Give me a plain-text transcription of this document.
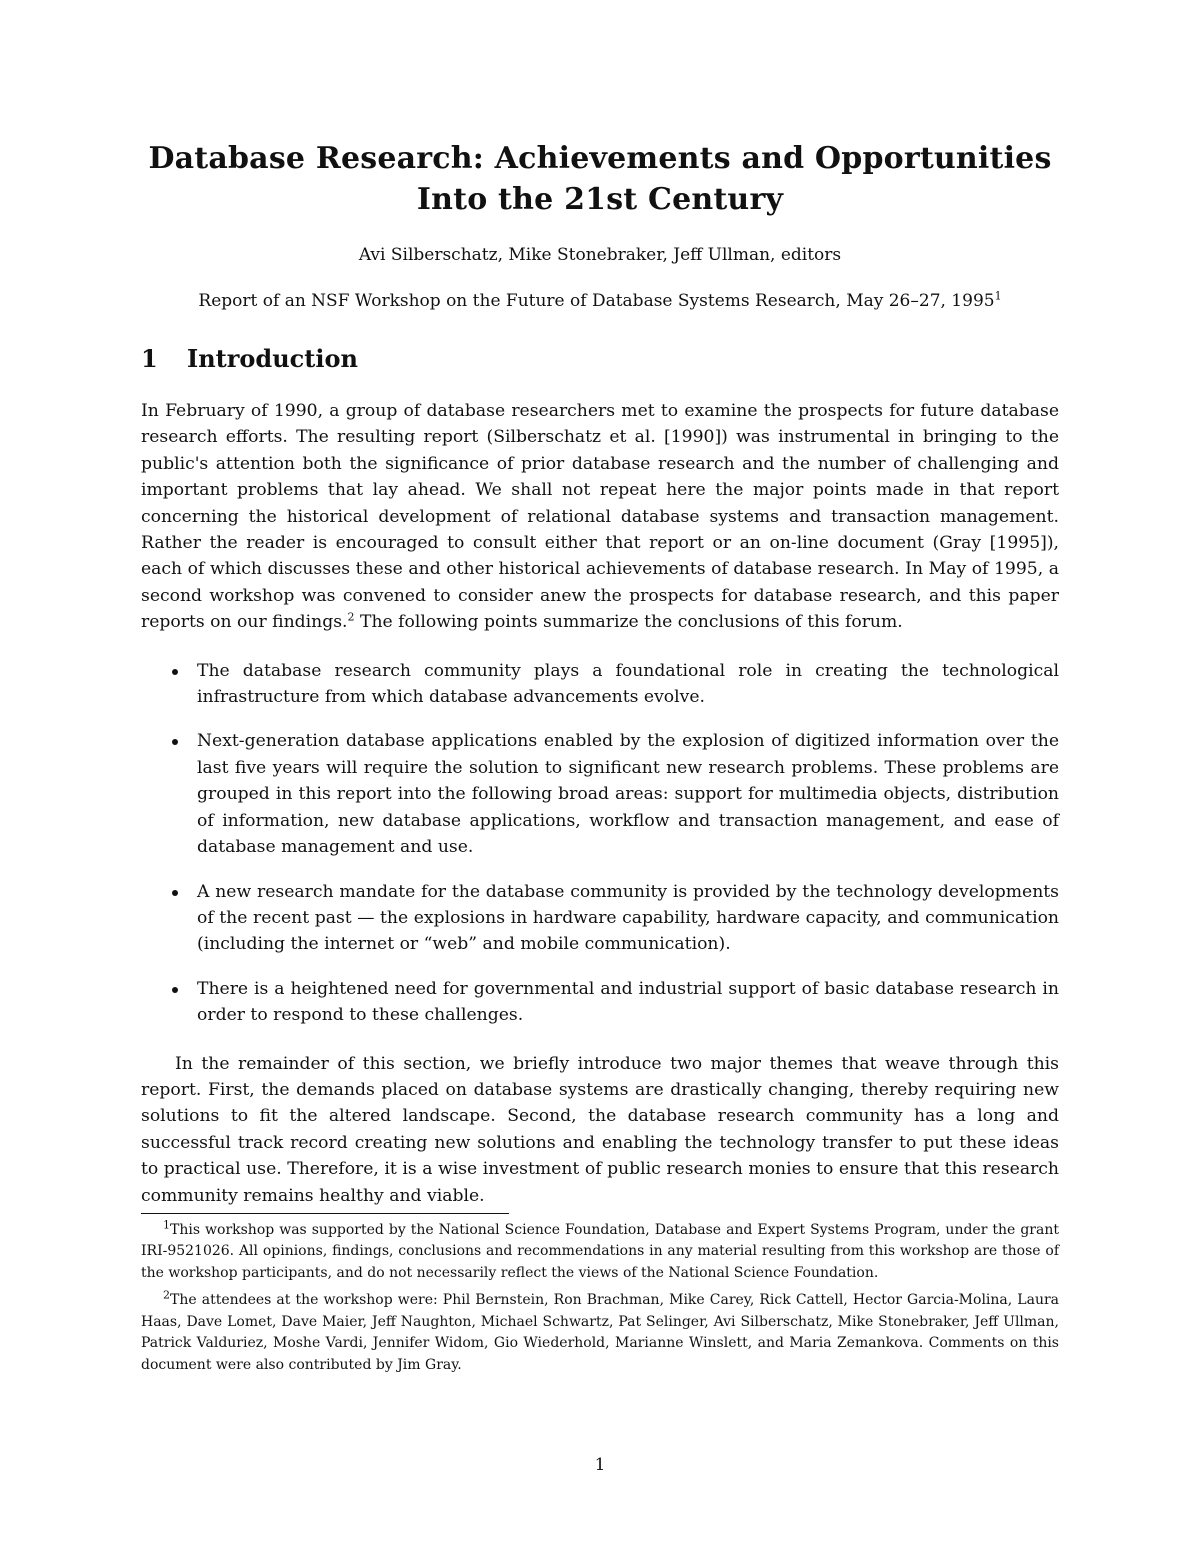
Database Research: Achievements and Opportunities
Into the 21st Century
Avi Silberschatz, Mike Stonebraker, Jeff Ullman, editors
Report of an NSF Workshop on the Future of Database Systems Research, May 26–27, 1995$^1$
1	Introduction

In February of 1990, a group of database researchers met to examine the prospects for future database research efforts. The resulting report (Silberschatz et al. [1990]) was instrumental in bringing to the public's attention both the significance of prior database research and the number of challenging and important problems that lay ahead. We shall not repeat here the major points made in that report concerning the historical development of relational database systems and transaction management. Rather the reader is encouraged to consult either that report or an on-line document (Gray [1995]), each of which discusses these and other historical achievements of database research. In May of 1995, a second workshop was convened to consider anew the prospects for database research, and this paper reports on our findings.$^2$ The following points summarize the conclusions of this forum.

The database research community plays a foundational role in creating the technological infrastructure from which database advancements evolve.
Next-generation database applications enabled by the explosion of digitized information over the last five years will require the solution to significant new research problems. These problems are grouped in this report into the following broad areas: support for multimedia objects, distribution of information, new database applications, workflow and transaction management, and ease of database management and use.
A new research mandate for the database community is provided by the technology developments of the recent past — the explosions in hardware capability, hardware capacity, and communication (including the internet or “web” and mobile communication).
There is a heightened need for governmental and industrial support of basic database research in order to respond to these challenges.

In the remainder of this section, we briefly introduce two major themes that weave through this report. First, the demands placed on database systems are drastically changing, thereby requiring new solutions to fit the altered landscape. Second, the database research community has a long and successful track record creating new solutions and enabling the technology transfer to put these ideas to practical use. Therefore, it is a wise investment of public research monies to ensure that this research community remains healthy and viable.

$^1$This workshop was supported by the National Science Foundation, Database and Expert Systems Program, under the grant IRI-9521026. All opinions, findings, conclusions and recommendations in any material resulting from this workshop are those of the workshop participants, and do not necessarily reflect the views of the National Science Foundation.

$^2$The attendees at the workshop were: Phil Bernstein, Ron Brachman, Mike Carey, Rick Cattell, Hector Garcia-Molina, Laura Haas, Dave Lomet, Dave Maier, Jeff Naughton, Michael Schwartz, Pat Selinger, Avi Silberschatz, Mike Stonebraker, Jeff Ullman, Patrick Valduriez, Moshe Vardi, Jennifer Widom, Gio Wiederhold, Marianne Winslett, and Maria Zemankova. Comments on this document were also contributed by Jim Gray.

1
